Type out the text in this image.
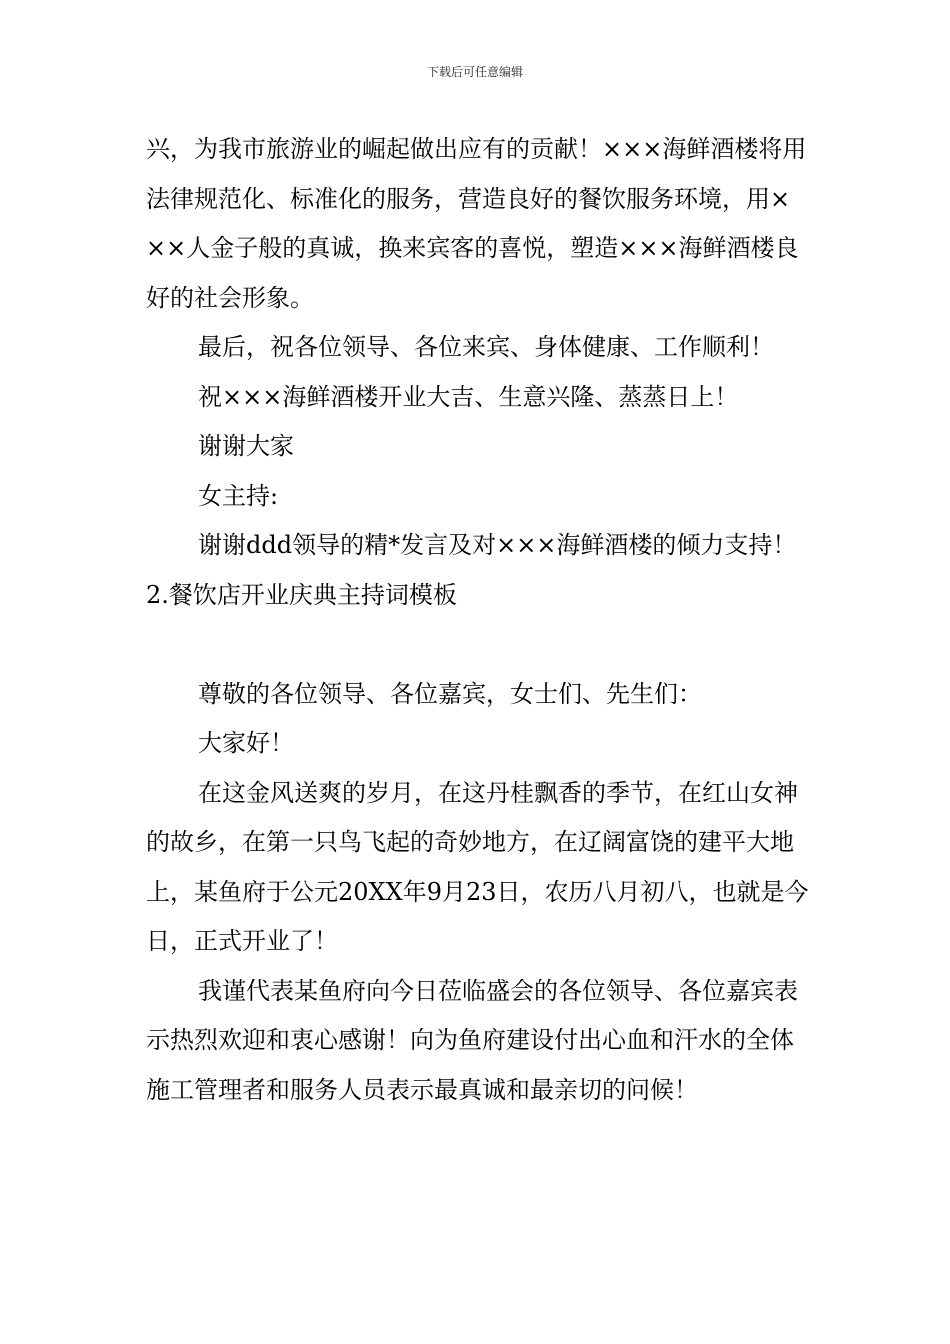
下载后可任意编辑

兴，为我市旅游业的崛起做出应有的贡献！×××海鲜酒楼将用法律规范化、标准化的服务，营造良好的餐饮服务环境，用×××人金子般的真诚，换来宾客的喜悦，塑造×××海鲜酒楼良好的社会形象。

最后，祝各位领导、各位来宾、身体健康、工作顺利！

祝×××海鲜酒楼开业大吉、生意兴隆、蒸蒸日上！

谢谢大家

女主持:

谢谢ddd领导的精*发言及对×××海鲜酒楼的倾力支持！

2.餐饮店开业庆典主持词模板

尊敬的各位领导、各位嘉宾，女士们、先生们：

大家好！

在这金风送爽的岁月，在这丹桂飘香的季节，在红山女神的故乡，在第一只鸟飞起的奇妙地方，在辽阔富饶的建平大地上，某鱼府于公元20XX年9月23日，农历八月初八，也就是今日，正式开业了！

我谨代表某鱼府向今日莅临盛会的各位领导、各位嘉宾表示热烈欢迎和衷心感谢！向为鱼府建设付出心血和汗水的全体施工管理者和服务人员表示最真诚和最亲切的问候！
